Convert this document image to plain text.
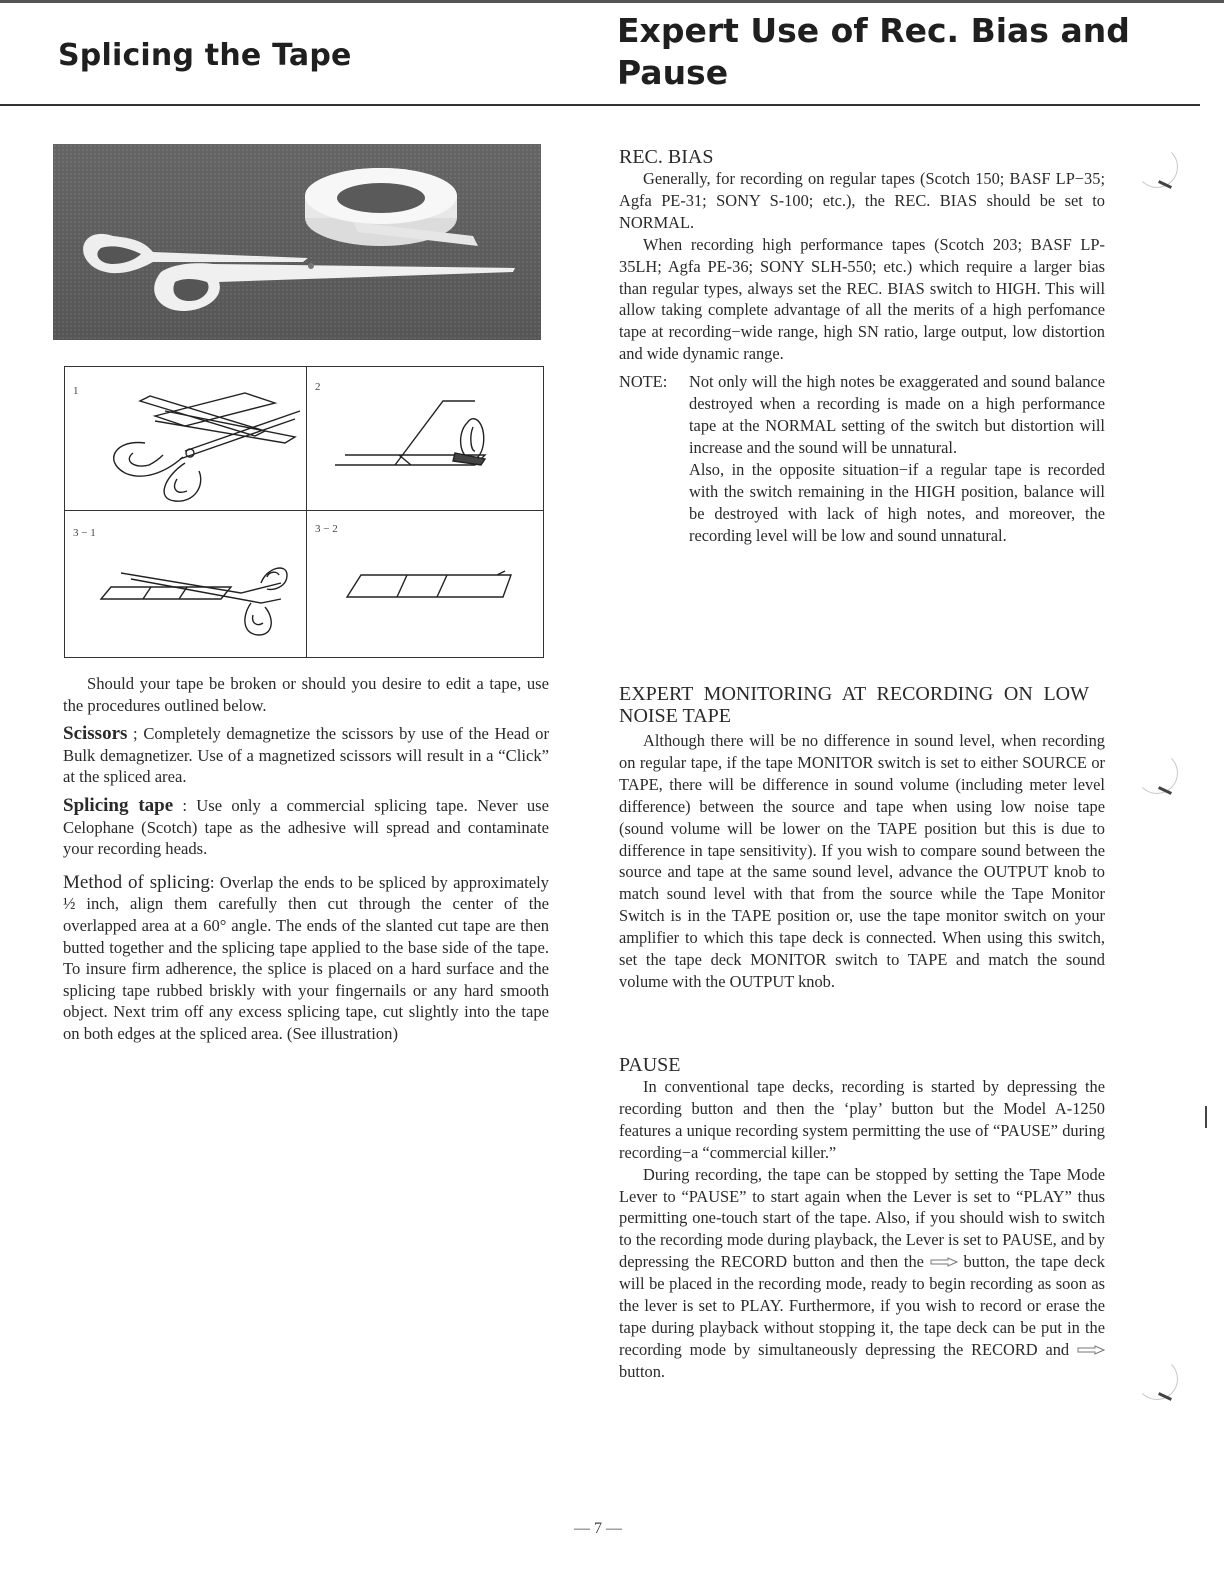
Splicing the Tape
Expert Use of Rec. Bias and Pause
1	2
3 − 1	3 − 2

Should your tape be broken or should you desire to edit a tape, use the procedures outlined below.

Scissors ; Completely demagnetize the scissors by use of the Head or Bulk demagnetizer. Use of a magnetized scissors will result in a “Click” at the spliced area.

Splicing tape : Use only a commercial splicing tape. Never use Celophane (Scotch) tape as the adhesive will spread and contaminate your recording heads.

Method of splicing: Overlap the ends to be spliced by approximately ½ inch, align them carefully then cut through the center of the overlapped area at a 60° angle. The ends of the slanted cut tape are then butted together and the splicing tape applied to the base side of the tape. To insure firm adherence, the splice is placed on a hard surface and the splicing tape rubbed briskly with your fingernails or any hard smooth object. Next trim off any excess splicing tape, cut slightly into the tape on both edges at the spliced area. (See illustration)

REC. BIAS

Generally, for recording on regular tapes (Scotch 150; BASF LP−35; Agfa PE-31; SONY S-100; etc.), the REC. BIAS should be set to NORMAL.

When recording high performance tapes (Scotch 203; BASF LP-35LH; Agfa PE-36; SONY SLH-550; etc.) which require a larger bias than regular types, always set the REC. BIAS switch to HIGH. This will allow taking complete advantage of all the merits of a high perfomance tape at recording−wide range, high SN ratio, large output, low distortion and wide dynamic range.

NOTE:	Not only will the high notes be exaggerated and sound balance destroyed when a recording is made on a high performance tape at the NORMAL setting of the switch but distortion will increase and the sound will be unnatural.

Also, in the opposite situation−if a regular tape is recorded with the switch remaining in the HIGH position, balance will be destroyed with lack of high notes, and moreover, the recording level will be low and sound unnatural.

EXPERT MONITORING AT RECORDING ON LOW NOISE TAPE

Although there will be no difference in sound level, when recording on regular tape, if the tape MONITOR switch is set to either SOURCE or TAPE, there will be difference in sound volume (including meter level difference) between the source and tape when using low noise tape (sound volume will be lower on the TAPE position but this is due to difference in tape sensitivity). If you wish to compare sound between the source and tape at the same sound level, advance the OUTPUT knob to match sound level with that from the source while the Tape Monitor Switch is in the TAPE position or, use the tape monitor switch on your amplifier to which this tape deck is connected. When using this switch, set the tape deck MONITOR switch to TAPE and match the sound volume with the OUTPUT knob.

PAUSE

In conventional tape decks, recording is started by depressing the recording button and then the ‘play’ button but the Model A-1250 features a unique recording system permitting the use of “PAUSE” during recording−a “commercial killer.”

During recording, the tape can be stopped by setting the Tape Mode Lever to “PAUSE” to start again when the Lever is set to “PLAY” thus permitting one-touch start of the tape. Also, if you should wish to switch to the recording mode during playback, the Lever is set to PAUSE, and by depressing the RECORD button and then the  button, the tape deck will be placed in the recording mode, ready to begin recording as soon as the lever is set to PLAY. Furthermore, if you wish to record or erase the tape during playback without stopping it, the tape deck can be put in the recording mode by simultaneously depressing the RECORD and  button.

— 7 —
